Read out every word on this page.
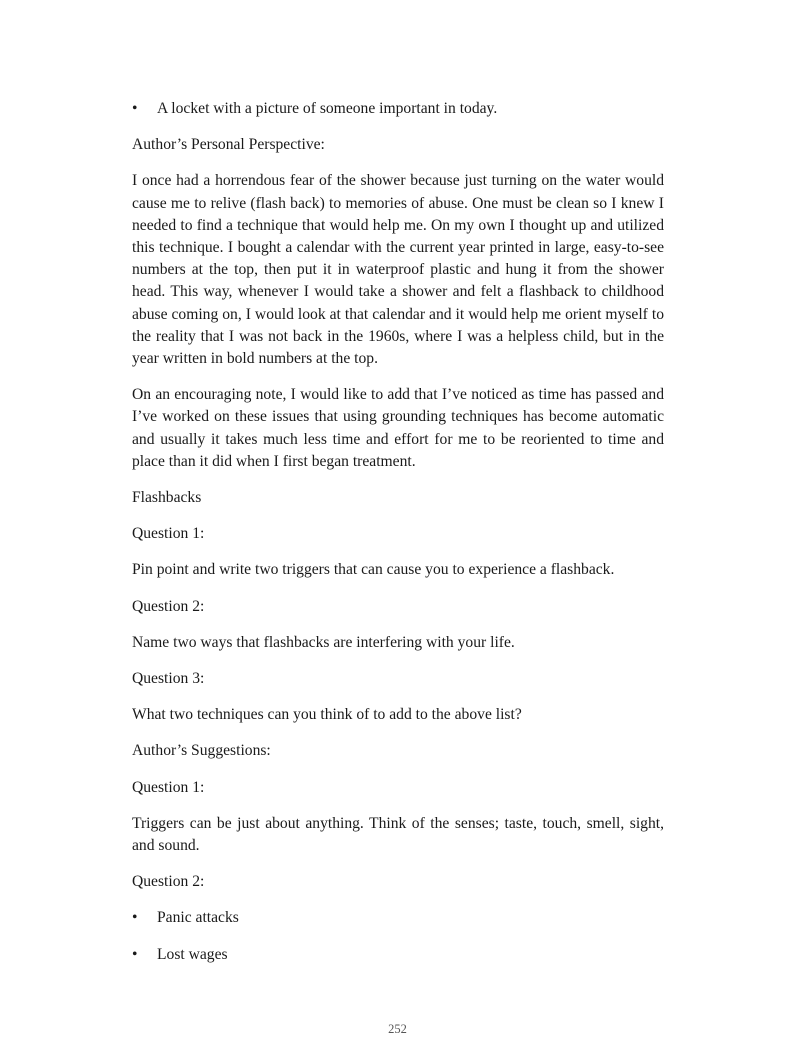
• A locket with a picture of someone important in today.

Author’s Personal Perspective:

I once had a horrendous fear of the shower because just turning on the water would cause me to relive (flash back) to memories of abuse. One must be clean so I knew I needed to find a technique that would help me. On my own I thought up and utilized this technique. I bought a calendar with the current year printed in large, easy-to-see numbers at the top, then put it in waterproof plastic and hung it from the shower head. This way, whenever I would take a shower and felt a flashback to childhood abuse coming on, I would look at that calendar and it would help me orient myself to the reality that I was not back in the 1960s, where I was a helpless child, but in the year written in bold numbers at the top.

On an encouraging note, I would like to add that I’ve noticed as time has passed and I’ve worked on these issues that using grounding techniques has become automatic and usually it takes much less time and effort for me to be reoriented to time and place than it did when I first began treatment.

Flashbacks

Question 1:

Pin point and write two triggers that can cause you to experience a flashback.

Question 2:

Name two ways that flashbacks are interfering with your life.

Question 3:

What two techniques can you think of to add to the above list?

Author’s Suggestions:

Question 1:

Triggers can be just about anything. Think of the senses; taste, touch, smell, sight, and sound.

Question 2:

• Panic attacks
• Lost wages
252
